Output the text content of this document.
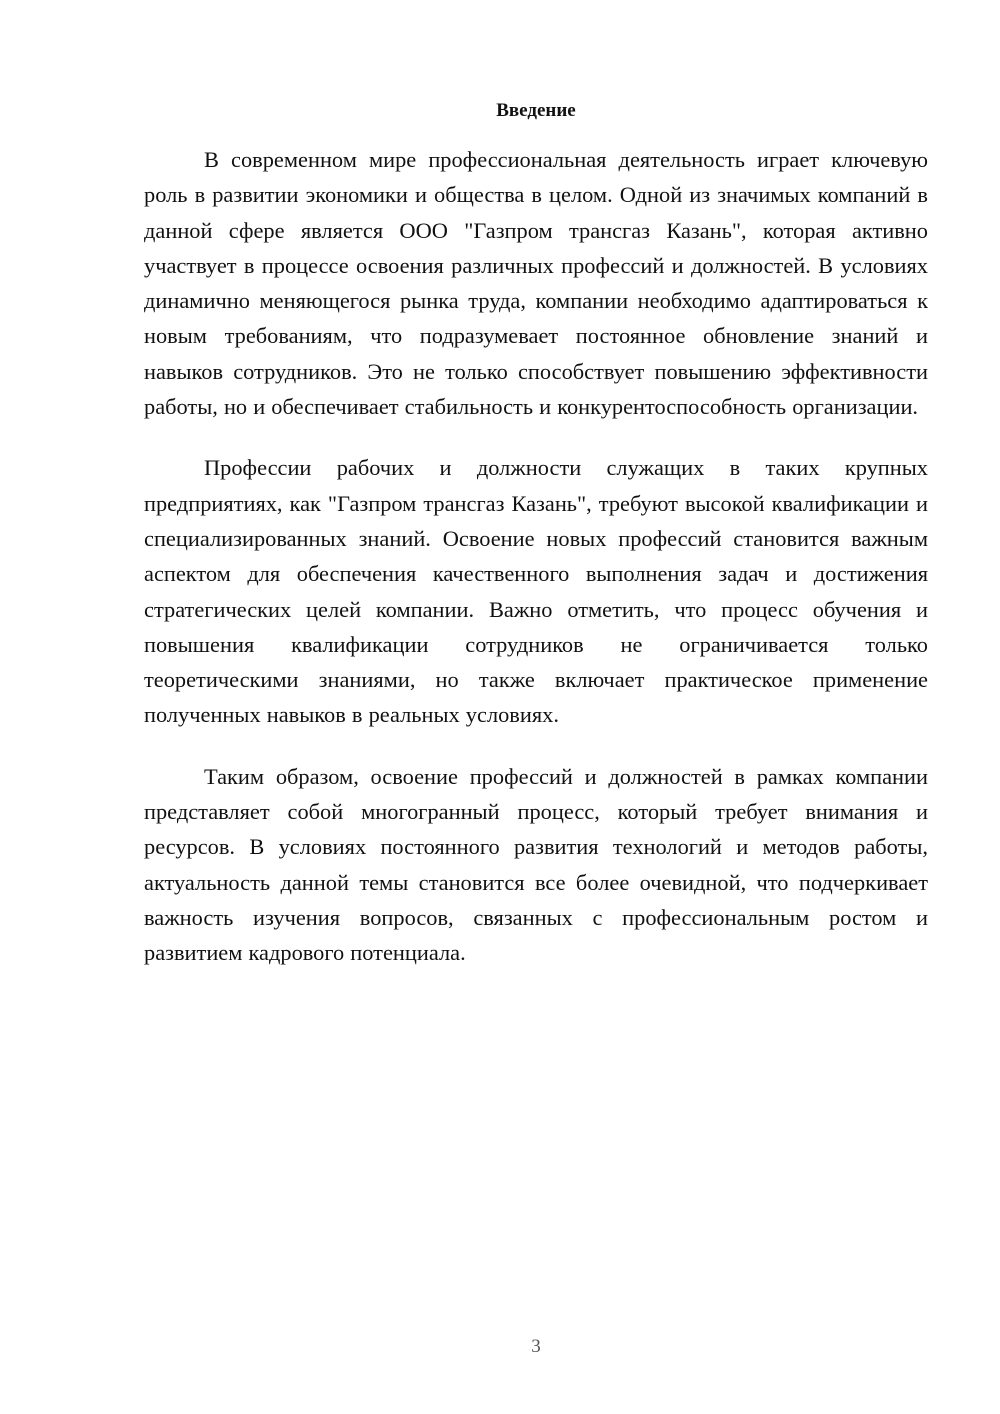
Введение

В современном мире профессиональная деятельность играет ключевую роль в развитии экономики и общества в целом. Одной из значимых компаний в данной сфере является ООО "Газпром трансгаз Казань", которая активно участвует в процессе освоения различных профессий и должностей. В условиях динамично меняющегося рынка труда, компании необходимо адаптироваться к новым требованиям, что подразумевает постоянное обновление знаний и навыков сотрудников. Это не только способствует повышению эффективности работы, но и обеспечивает стабильность и конкурентоспособность организации.

Профессии рабочих и должности служащих в таких крупных предприятиях, как "Газпром трансгаз Казань", требуют высокой квалификации и специализированных знаний. Освоение новых профессий становится важным аспектом для обеспечения качественного выполнения задач и достижения стратегических целей компании. Важно отметить, что процесс обучения и повышения квалификации сотрудников не ограничивается только теоретическими знаниями, но также включает практическое применение полученных навыков в реальных условиях.

Таким образом, освоение профессий и должностей в рамках компании представляет собой многогранный процесс, который требует внимания и ресурсов. В условиях постоянного развития технологий и методов работы, актуальность данной темы становится все более очевидной, что подчеркивает важность изучения вопросов, связанных с профессиональным ростом и развитием кадрового потенциала.

3
